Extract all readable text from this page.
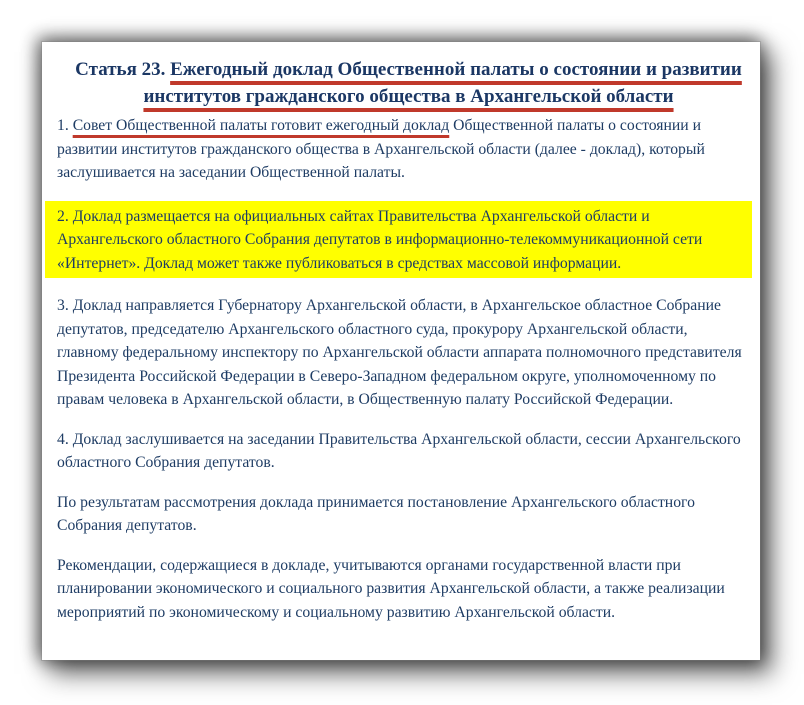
Статья 23. Ежегодный доклад Общественной палаты о состоянии и развитии институтов гражданского общества в Архангельской области

1. Совет Общественной палаты готовит ежегодный доклад Общественной палаты о состоянии и развитии институтов гражданского общества в Архангельской области (далее - доклад), который заслушивается на заседании Общественной палаты.

2. Доклад размещается на официальных сайтах Правительства Архангельской области и Архангельского областного Собрания депутатов в информационно-телекоммуникационной сети «Интернет». Доклад может также публиковаться в средствах массовой информации.

3. Доклад направляется Губернатору Архангельской области, в Архангельское областное Собрание депутатов, председателю Архангельского областного суда, прокурору Архангельской области, главному федеральному инспектору по Архангельской области аппарата полномочного представителя Президента Российской Федерации в Северо-Западном федеральном округе, уполномоченному по правам человека в Архангельской области, в Общественную палату Российской Федерации.

4. Доклад заслушивается на заседании Правительства Архангельской области, сессии Архангельского областного Собрания депутатов.

По результатам рассмотрения доклада принимается постановление Архангельского областного Собрания депутатов.

Рекомендации, содержащиеся в докладе, учитываются органами государственной власти при планировании экономического и социального развития Архангельской области, а также реализации мероприятий по экономическому и социальному развитию Архангельской области.
